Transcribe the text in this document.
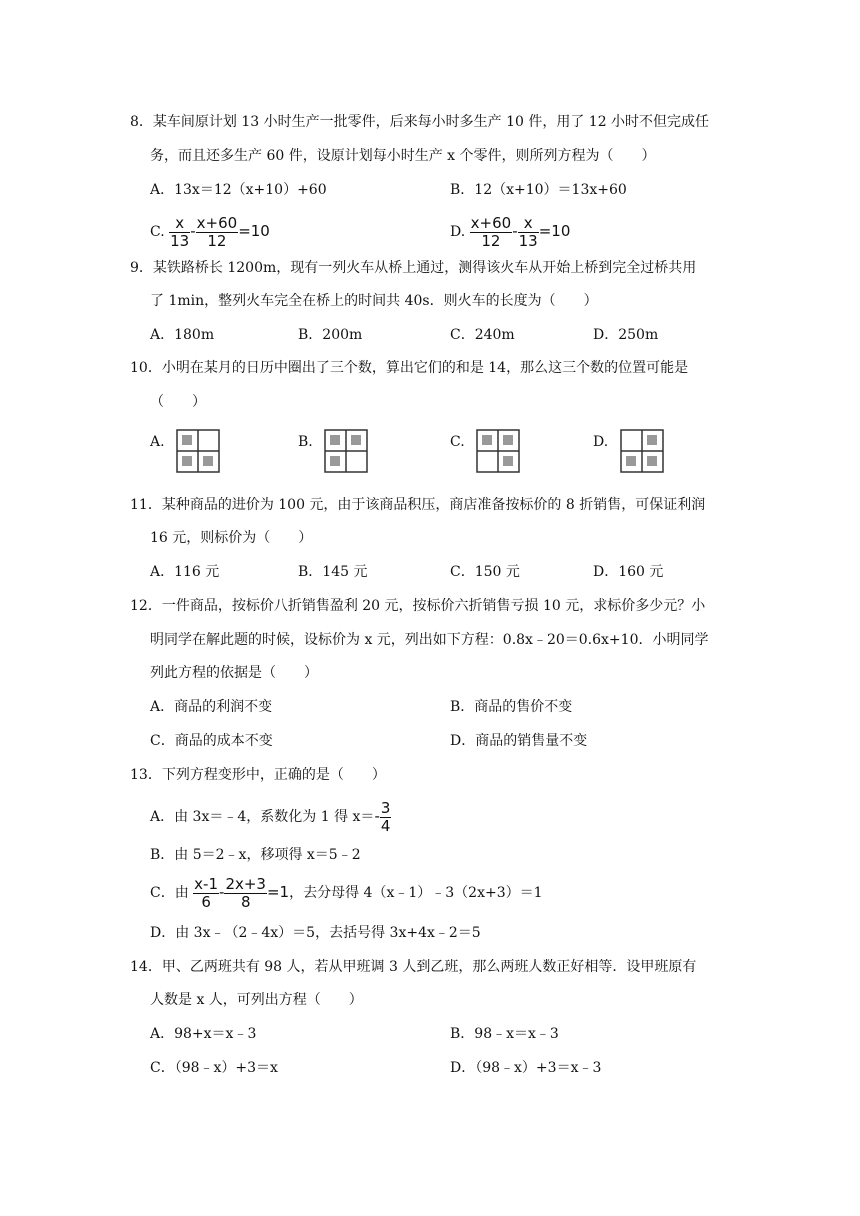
8．某车间原计划 13 小时生产一批零件，后来每小时多生产 10 件，用了 12 小时不但完成任
务，而且还多生产 60 件，设原计划每小时生产 x 个零件，则所列方程为（　　）
A．13x＝12（x+10）+60	B．12（x+10）＝13x+60
C. $\frac{x}{13} - \frac{x+60}{12} =10$	D. $\frac{x+60}{12} - \frac{x}{13} =10$
9．某铁路桥长 1200m，现有一列火车从桥上通过，测得该火车从开始上桥到完全过桥共用
了 1min，整列火车完全在桥上的时间共 40s．则火车的长度为（　　）
A．180m	B．200m	C．240m	D．250m
10．小明在某月的日历中圈出了三个数，算出它们的和是 14，那么这三个数的位置可能是
（　　）
A.	B.	C.	D.
11．某种商品的进价为 100 元，由于该商品积压，商店准备按标价的 8 折销售，可保证利润
16 元，则标价为（　　）
A．116 元	B．145 元	C．150 元	D．160 元
12．一件商品，按标价八折销售盈利 20 元，按标价六折销售亏损 10 元，求标价多少元？小
明同学在解此题的时候，设标价为 x 元，列出如下方程：0.8x﹣20＝0.6x+10．小明同学
列此方程的依据是（　　）
A．商品的利润不变	B．商品的售价不变
C．商品的成本不变	D．商品的销售量不变
13．下列方程变形中，正确的是（　　）
A．由 3x＝﹣4，系数化为 1 得 $x=- \frac{3}{4}$
B．由 5＝2﹣x，移项得 x＝5﹣2
C．由 $\frac{x-1}{6} - \frac{2x+3}{8} =1$，去分母得 4（x﹣1）﹣3（2x+3）＝1
D．由 3x﹣（2﹣4x）＝5，去括号得 3x+4x﹣2＝5
14．甲、乙两班共有 98 人，若从甲班调 3 人到乙班，那么两班人数正好相等．设甲班原有
人数是 x 人，可列出方程（　　）
A．98+x＝x﹣3	B．98﹣x＝x﹣3
C．（98﹣x）+3＝x	D．（98﹣x）+3＝x﹣3
